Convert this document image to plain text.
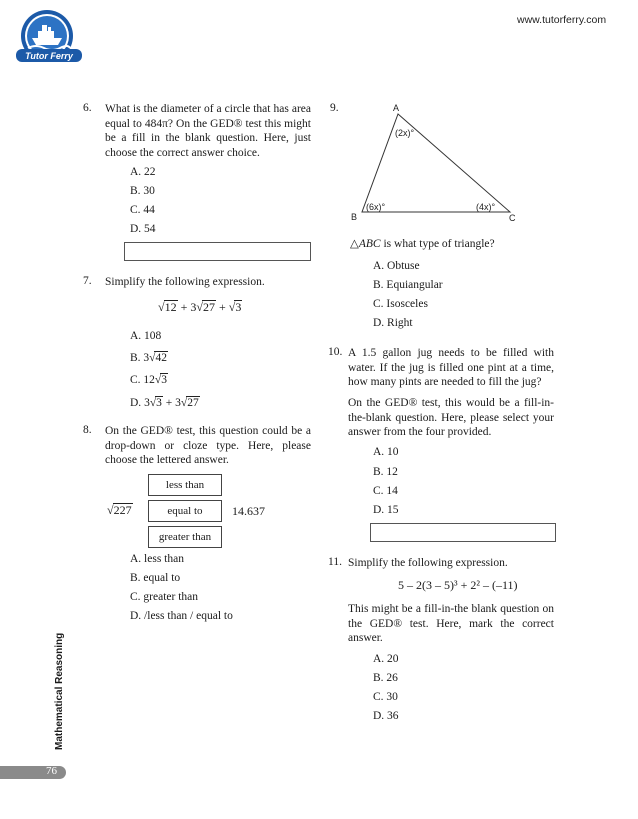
Tutor Ferry
www.tutorferry.com
6. What is the diameter of a circle that has area equal to 484π? On the GED® test this might be a fill in the blank question. Here, just choose the correct answer choice.
A. 22
B. 30
C. 44
D. 54
7. Simplify the following expression.
√12 + 3√27 + √3
A. 108
B. 3√42
C. 12√3
D. 3√3 + 3√27
8. On the GED® test, this question could be a drop-down or cloze type. Here, please choose the lettered answer.
√227
less than
equal to
greater than
14.637
A. less than
B. equal to
C. greater than
D. /less than / equal to
9.	A
B	C
(2x)°
(6x)°	(4x)°
△ABC is what type of triangle?
A. Obtuse
B. Equiangular
C. Isosceles
D. Right
10. A 1.5 gallon jug needs to be filled with water. If the jug is filled one pint at a time, how many pints are needed to fill the jug?
On the GED® test, this would be a fill-in-the-blank question. Here, please select your answer from the four provided.
A. 10
B. 12
C. 14
D. 15
11. Simplify the following expression.
5 – 2(3 – 5)³ + 2² – (–11)
This might be a fill-in-the blank question on the GED® test. Here, mark the correct answer.
A. 20
B. 26
C. 30
D. 36
Mathematical Reasoning
76
